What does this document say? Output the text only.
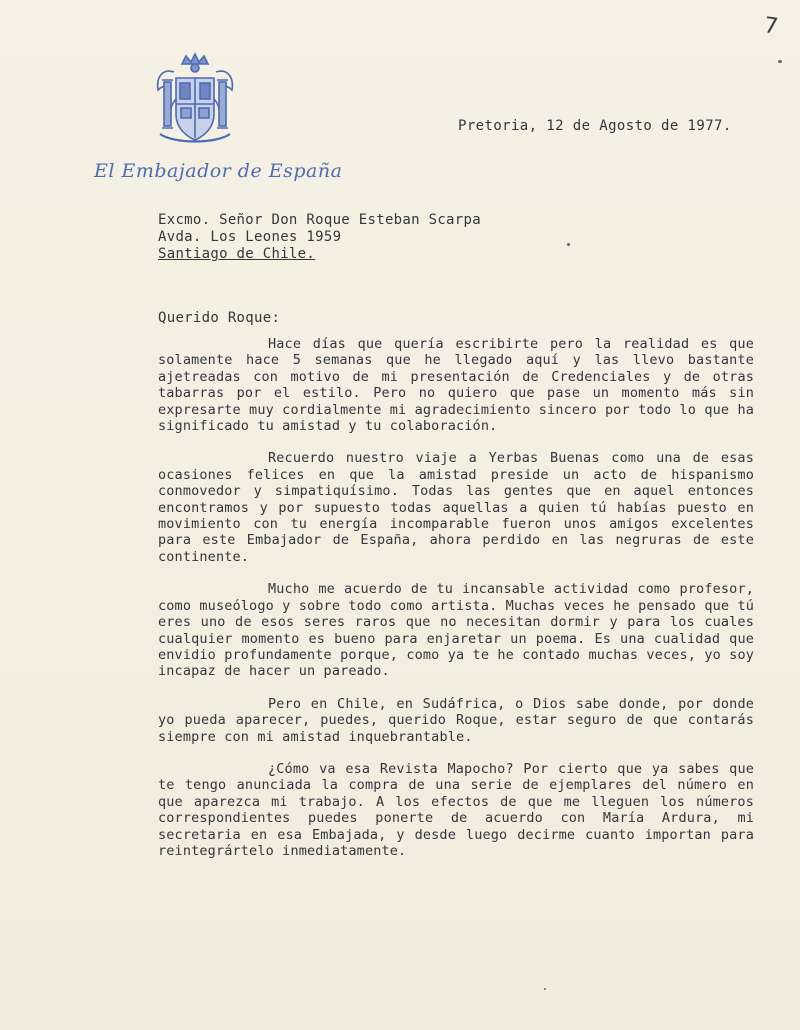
7
El Embajador de España
Pretoria, 12 de Agosto de 1977.
Excmo. Señor Don Roque Esteban Scarpa
Avda. Los Leones 1959
Santiago de Chile.
Querido Roque:

Hace días que quería escribirte pero la realidad es que solamente hace 5 semanas que he llegado aquí y las llevo bastante ajetreadas con motivo de mi presentación de Credenciales y de otras tabarras por el estilo. Pero no quiero que pase un momento más sin expresarte muy cordialmente mi agradecimiento sincero por todo lo que ha significado tu amistad y tu colaboración.

Recuerdo nuestro viaje a Yerbas Buenas como una de esas ocasiones felices en que la amistad preside un acto de hispanismo conmovedor y simpatiquísimo. Todas las gentes que en aquel entonces encontramos y por supuesto todas aquellas a quien tú habías puesto en movimiento con tu energía incomparable fueron unos amigos excelentes para este Embajador de España, ahora perdido en las negruras de este continente.

Mucho me acuerdo de tu incansable actividad como profesor, como museólogo y sobre todo como artista. Muchas veces he pensado que tú eres uno de esos seres raros que no necesitan dormir y para los cuales cualquier momento es bueno para enjaretar un poema. Es una cualidad que envidio profundamente porque, como ya te he contado muchas veces, yo soy incapaz de hacer un pareado.

Pero en Chile, en Sudáfrica, o Dios sabe donde, por donde yo pueda aparecer, puedes, querido Roque, estar seguro de que contarás siempre con mi amistad inquebrantable.

¿Cómo va esa Revista Mapocho? Por cierto que ya sabes que te tengo anunciada la compra de una serie de ejemplares del número en que aparezca mi trabajo. A los efectos de que me lleguen los números correspondientes puedes ponerte de acuerdo con María Ardura, mi secretaria en esa Embajada, y desde luego decirme cuanto importan para reintegrártelo inmediatamente.
